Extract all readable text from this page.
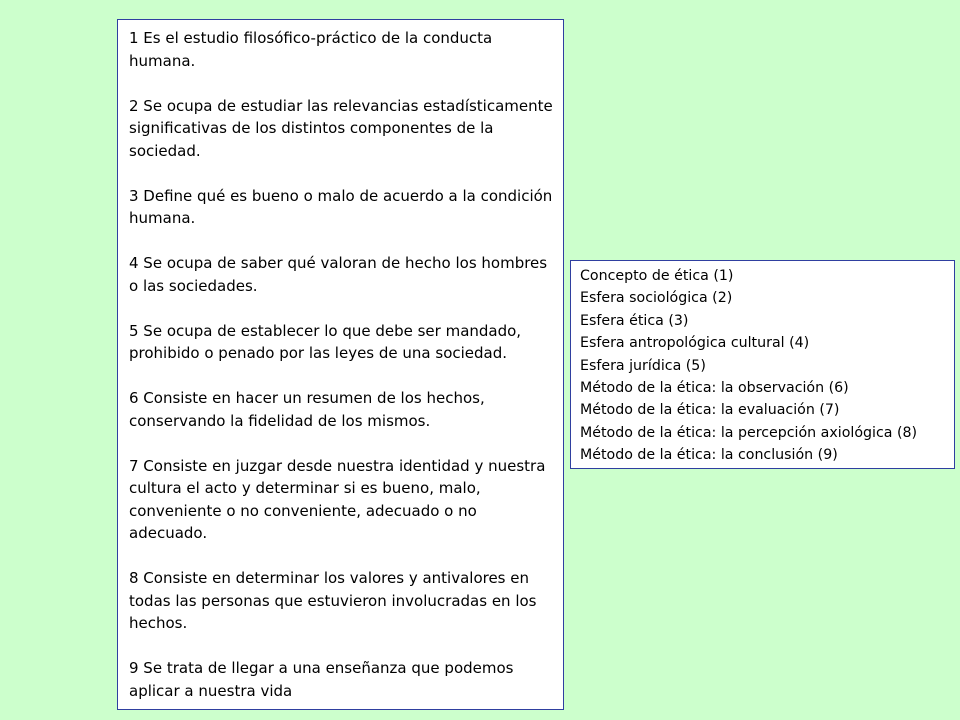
1 Es el estudio filosófico-práctico de la conducta humana.

2 Se ocupa de estudiar las relevancias estadísticamente significativas de los distintos componentes de la sociedad.

3 Define qué es bueno o malo de acuerdo a la condición humana.

4 Se ocupa de saber qué valoran de hecho los hombres o las sociedades.

5 Se ocupa de establecer lo que debe ser mandado, prohibido o penado por las leyes de una sociedad.

6 Consiste en hacer un resumen de los hechos, conservando la fidelidad de los mismos.

7 Consiste en juzgar desde nuestra identidad y nuestra cultura el acto y determinar si es bueno, malo, conveniente o no conveniente, adecuado o no adecuado.

8 Consiste en determinar los valores y antivalores en todas las personas que estuvieron involucradas en los hechos.

9 Se trata de llegar a una enseñanza que podemos aplicar a nuestra vida

Concepto de ética (1)
Esfera sociológica (2)
Esfera ética (3)
Esfera antropológica cultural (4)
Esfera jurídica (5)
Método de la ética: la observación (6)
Método de la ética: la evaluación (7)
Método de la ética: la percepción axiológica (8)
Método de la ética: la conclusión (9)
